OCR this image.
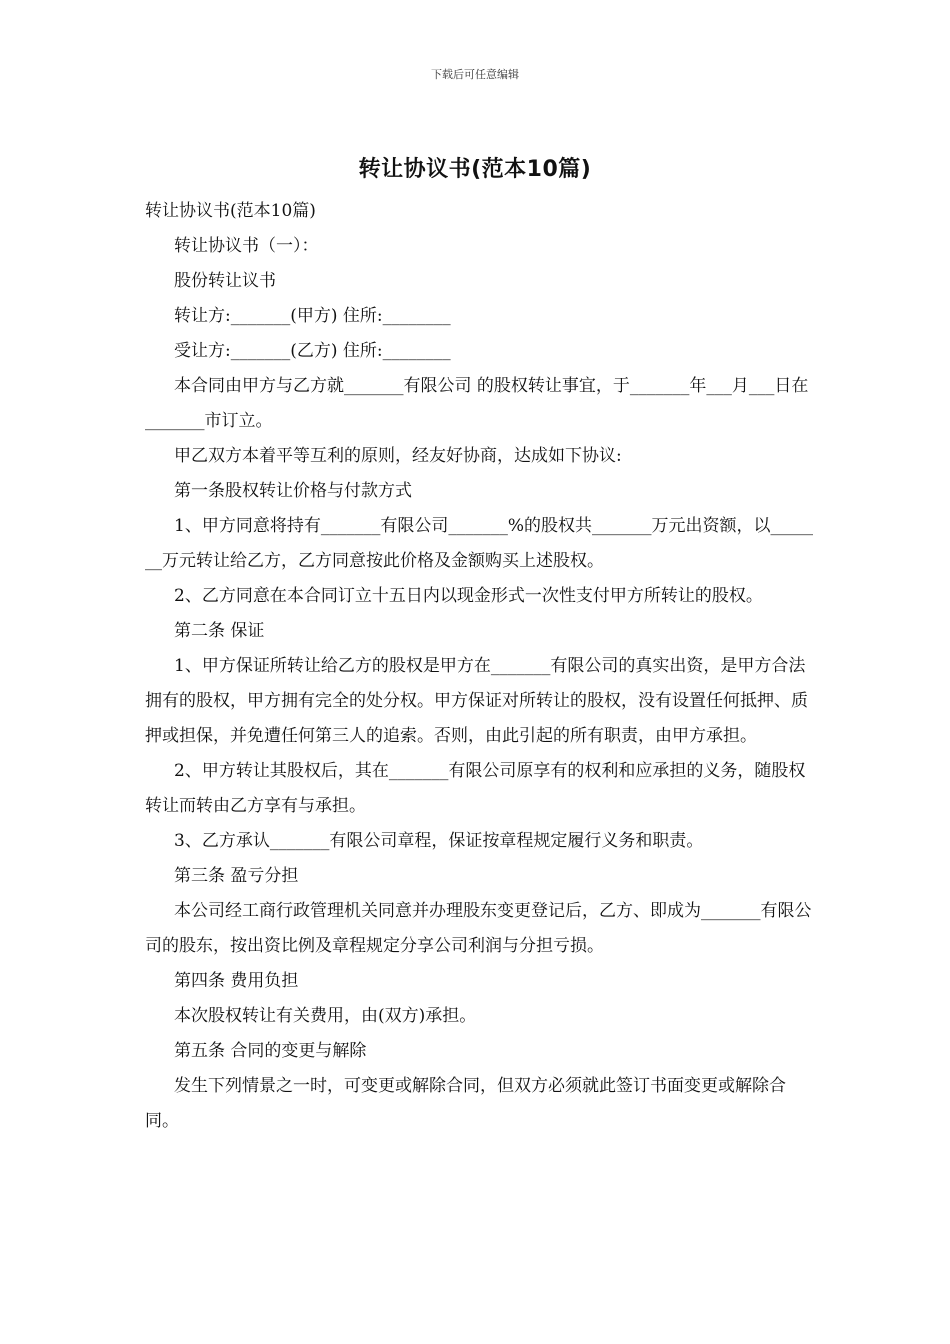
下载后可任意编辑
转让协议书(范本10篇)

转让协议书(范本10篇)

转让协议书（一）：

股份转让议书

转让方:_______(甲方) 住所:________

受让方:_______(乙方) 住所:________

本合同由甲方与乙方就_______有限公司 的股权转让事宜，于_______年___月___日在_______市订立。

甲乙双方本着平等互利的原则，经友好协商，达成如下协议:

第一条股权转让价格与付款方式

1、甲方同意将持有_______有限公司_______%的股权共_______万元出资额，以_______万元转让给乙方，乙方同意按此价格及金额购买上述股权。

2、乙方同意在本合同订立十五日内以现金形式一次性支付甲方所转让的股权。

第二条 保证

1、甲方保证所转让给乙方的股权是甲方在_______有限公司的真实出资，是甲方合法拥有的股权，甲方拥有完全的处分权。甲方保证对所转让的股权，没有设置任何抵押、质押或担保，并免遭任何第三人的追索。否则，由此引起的所有职责，由甲方承担。

2、甲方转让其股权后，其在_______有限公司原享有的权利和应承担的义务，随股权转让而转由乙方享有与承担。

3、乙方承认_______有限公司章程，保证按章程规定履行义务和职责。

第三条 盈亏分担

本公司经工商行政管理机关同意并办理股东变更登记后，乙方、即成为_______有限公司的股东，按出资比例及章程规定分享公司利润与分担亏损。

第四条 费用负担

本次股权转让有关费用，由(双方)承担。

第五条 合同的变更与解除

发生下列情景之一时，可变更或解除合同，但双方必须就此签订书面变更或解除合同。
